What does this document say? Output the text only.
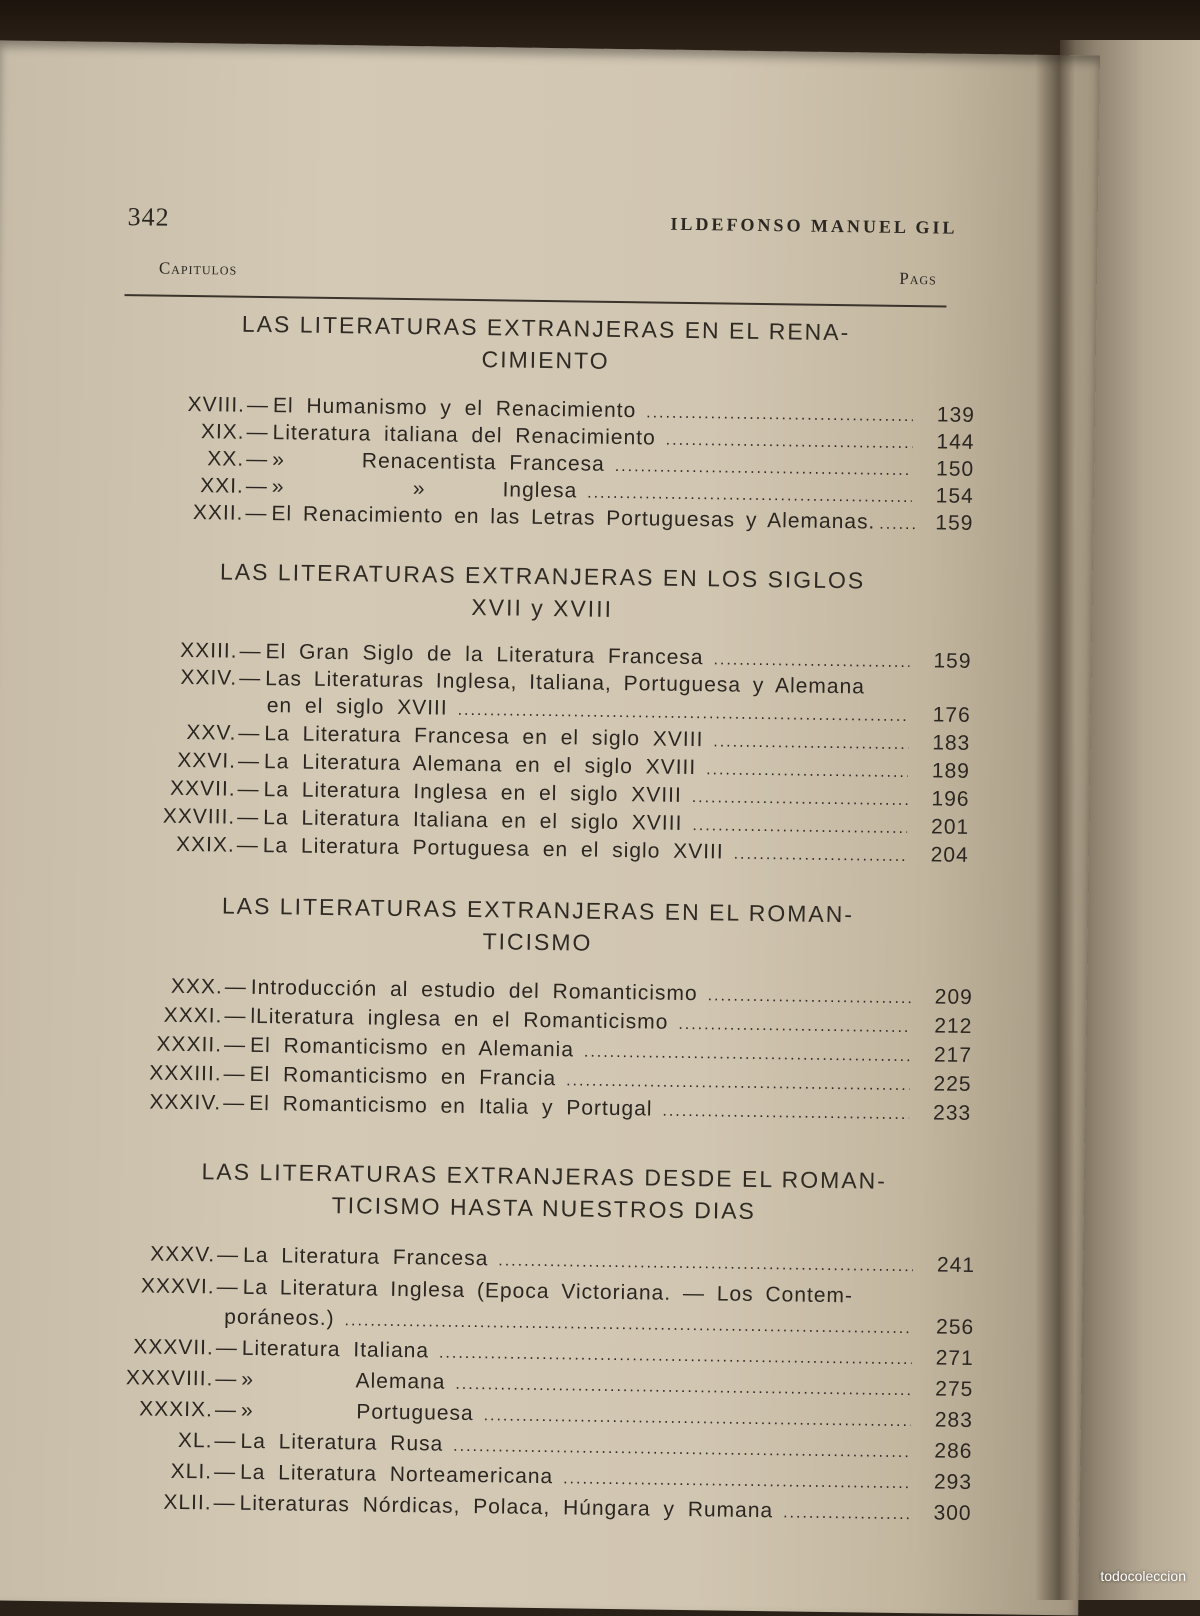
342	ILDEFONSO MANUEL GIL
Capitulos
Pags
LAS LITERATURAS EXTRANJERAS EN EL RENA-
CIMIENTO
XVIII. — El Humanismo y el Renacimiento .....	139
XIX. — Literatura italiana del Renacimiento .....	144
XX. — »      Renacentista Francesa .....	150
XXI. — »          »      Inglesa .....	154
XXII. — El Renacimiento en las Letras Portuguesas y Alemanas. .....	159
LAS LITERATURAS EXTRANJERAS EN LOS SIGLOS
XVII y XVIII
XXIII. — El Gran Siglo de la Literatura Francesa .....	159
XXIV. — Las Literaturas Inglesa, Italiana, Portuguesa y Alemana
en el siglo XVIII .....	176
XXV. — La Literatura Francesa en el siglo XVIII .....	183
XXVI. — La Literatura Alemana en el siglo XVIII .....	189
XXVII. — La Literatura Inglesa en el siglo XVIII .....	196
XXVIII. — La Literatura Italiana en el siglo XVIII .....	201
XXIX. — La Literatura Portuguesa en el siglo XVIII .....	204
LAS LITERATURAS EXTRANJERAS EN EL ROMAN-
TICISMO
XXX. — Introducción al estudio del Romanticismo .....	209
XXXI. — lLiteratura inglesa en el Romanticismo .....	212
XXXII. — El Romanticismo en Alemania .....	217
XXXIII. — El Romanticismo en Francia .....	225
XXXIV. — El Romanticismo en Italia y Portugal .....	233
LAS LITERATURAS EXTRANJERAS DESDE EL ROMAN-
TICISMO HASTA NUESTROS DIAS
XXXV. — La Literatura Francesa .....	241
XXXVI. — La Literatura Inglesa (Epoca Victoriana. — Los Contem-
poráneos.) .....	256
XXXVII. — Literatura Italiana .....	271
XXXVIII. — »        Alemana .....	275
XXXIX. — »        Portuguesa .....	283
XL. — La Literatura Rusa .....	286
XLI. — La Literatura Norteamericana .....	293
XLII. — Literaturas Nórdicas, Polaca, Húngara y Rumana .....	300
todocoleccion
